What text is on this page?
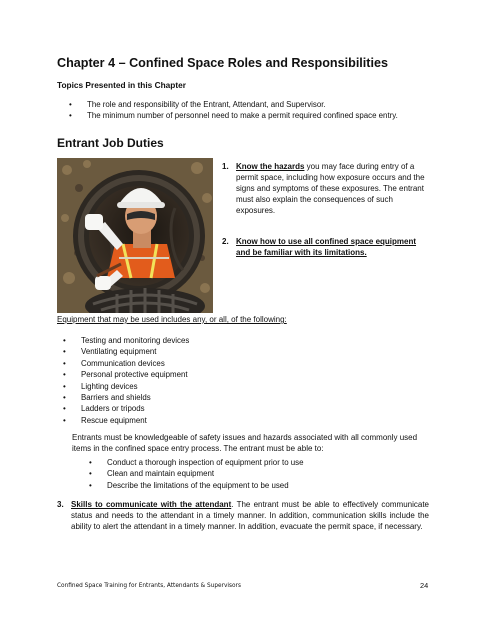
Chapter 4 – Confined Space Roles and Responsibilities
Topics Presented in this Chapter
• The role and responsibility of the Entrant, Attendant, and Supervisor.
• The minimum number of personnel need to make a permit required confined space entry.
Entrant Job Duties
1. Know the hazards you may face during entry of a permit space, including how exposure occurs and the signs and symptoms of these exposures. The entrant must also explain the consequences of such exposures.
2. Know how to use all confined space equipment and be familiar with its limitations.
Equipment that may be used includes any, or all, of the following:
• Testing and monitoring devices
• Ventilating equipment
• Communication devices
• Personal protective equipment
• Lighting devices
• Barriers and shields
• Ladders or tripods
• Rescue equipment
Entrants must be knowledgeable of safety issues and hazards associated with all commonly used items in the confined space entry process. The entrant must be able to:
• Conduct a thorough inspection of equipment prior to use
• Clean and maintain equipment
• Describe the limitations of the equipment to be used
3. Skills to communicate with the attendant. The entrant must be able to effectively communicate status and needs to the attendant in a timely manner. In addition, communication skills include the ability to alert the attendant in a timely manner. In addition, evacuate the permit space, if necessary.
Confined Space Training for Entrants, Attendants & Supervisors	24
